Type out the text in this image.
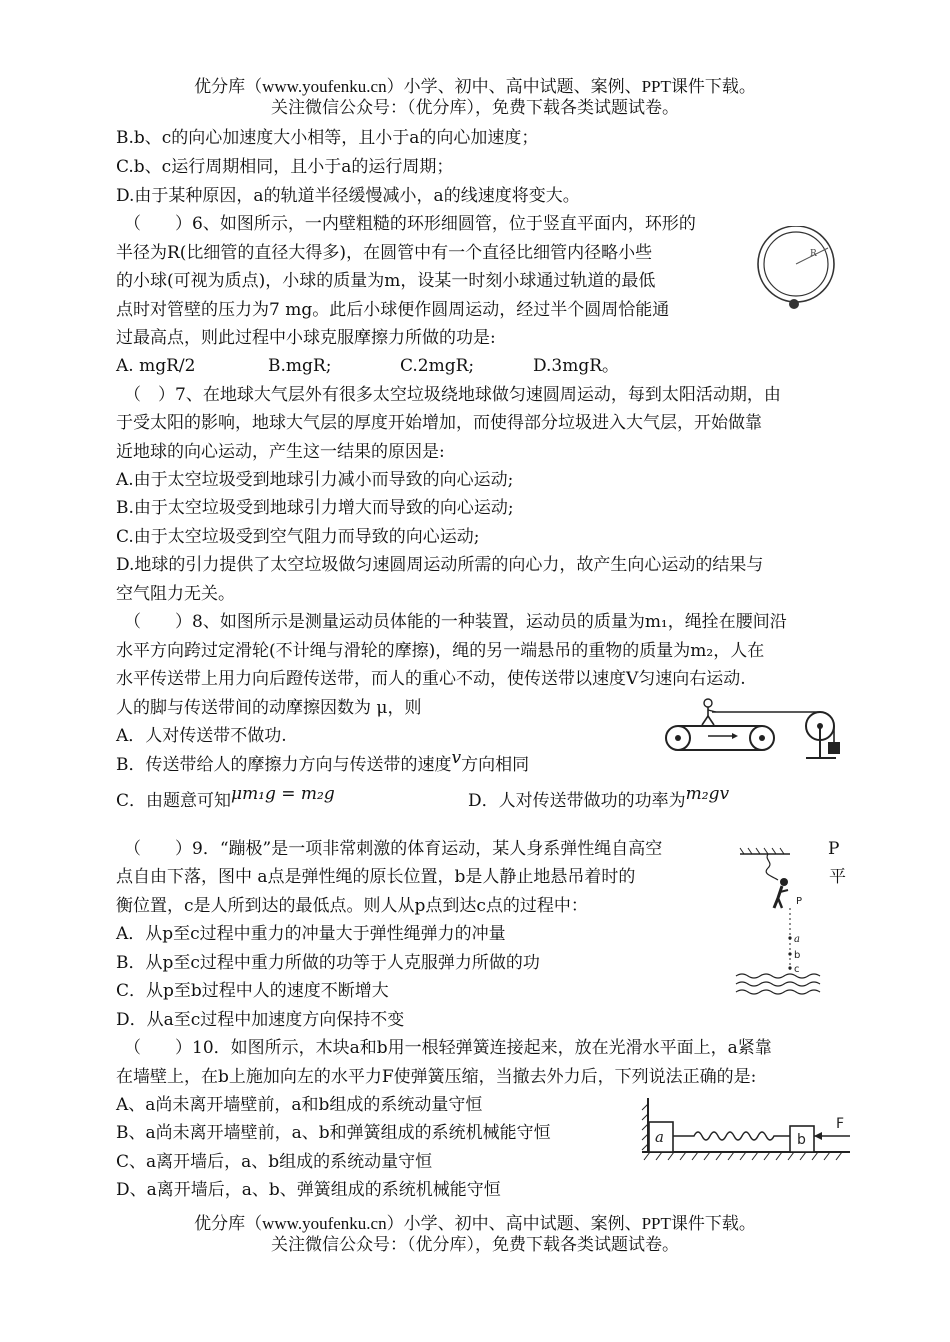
优分库（www.youfenku.cn）小学、初中、高中试题、案例、PPT课件下载。
关注微信公众号：（优分库），免费下载各类试题试卷。
B.b、c的向心加速度大小相等，且小于a的向心加速度；
C.b、c运行周期相同，且小于a的运行周期；
D.由于某种原因，a的轨道半径缓慢减小，a的线速度将变大。
（　　）6、如图所示，一内壁粗糙的环形细圆管，位于竖直平面内，环形的
半径为R(比细管的直径大得多)，在圆管中有一个直径比细管内径略小些
的小球(可视为质点)，小球的质量为m，设某一时刻小球通过轨道的最低
点时对管壁的压力为7 mg。此后小球便作圆周运动，经过半个圆周恰能通
过最高点，则此过程中小球克服摩擦力所做的功是:
A. mgR/2	B.mgR;	C.2mgR;	D.3mgR。
R
（　）7、在地球大气层外有很多太空垃圾绕地球做匀速圆周运动，每到太阳活动期，由
于受太阳的影响，地球大气层的厚度开始增加，而使得部分垃圾进入大气层，开始做靠
近地球的向心运动，产生这一结果的原因是:
A.由于太空垃圾受到地球引力减小而导致的向心运动;
B.由于太空垃圾受到地球引力增大而导致的向心运动;
C.由于太空垃圾受到空气阻力而导致的向心运动;
D.地球的引力提供了太空垃圾做匀速圆周运动所需的向心力，故产生向心运动的结果与
空气阻力无关。
（　　）8、如图所示是测量运动员体能的一种装置，运动员的质量为m₁，绳拴在腰间沿
水平方向跨过定滑轮(不计绳与滑轮的摩擦)，绳的另一端悬吊的重物的质量为m₂，人在
水平传送带上用力向后蹬传送带，而人的重心不动，使传送带以速度V匀速向右运动.
人的脚与传送带间的动摩擦因数为 μ，则
A．人对传送带不做功.
B．传送带给人的摩擦力方向与传送带的速度v方向相同
C．由题意可知μm₁g = m₂g	D．人对传送带做功的功率为m₂gv
（　　）9．“蹦极”是一项非常刺激的体育运动，某人身系弹性绳自高空	P
点自由下落，图中 a点是弹性绳的原长位置，b是人静止地悬吊着时的	平
衡位置，c是人所到达的最低点。则人从p点到达c点的过程中：
A．从p至c过程中重力的冲量大于弹性绳弹力的冲量
B．从p至c过程中重力所做的功等于人克服弹力所做的功
C．从p至b过程中人的速度不断增大
D．从a至c过程中加速度方向保持不变
P
a
b
c
（　　）10．如图所示，木块a和b用一根轻弹簧连接起来，放在光滑水平面上，a紧靠
在墙壁上，在b上施加向左的水平力F使弹簧压缩，当撤去外力后，下列说法正确的是:
A、a尚未离开墙壁前，a和b组成的系统动量守恒
B、a尚未离开墙壁前，a、b和弹簧组成的系统机械能守恒
C、a离开墙后，a、b组成的系统动量守恒
D、a离开墙后，a、b、弹簧组成的系统机械能守恒
a	b
F
优分库（www.youfenku.cn）小学、初中、高中试题、案例、PPT课件下载。
关注微信公众号：（优分库），免费下载各类试题试卷。
